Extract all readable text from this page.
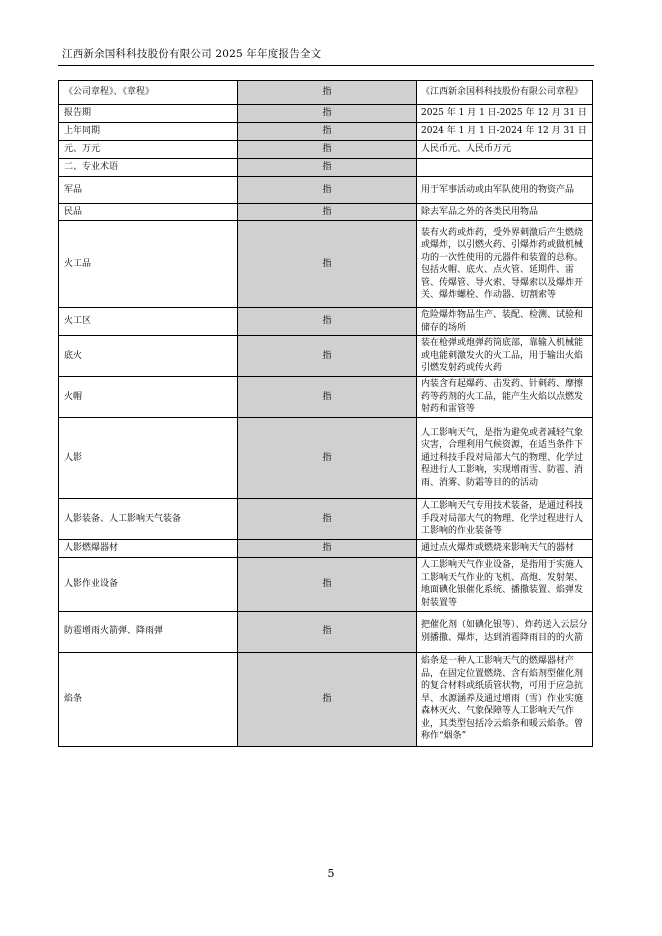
江西新余国科科技股份有限公司 2025 年年度报告全文
《公司章程》、《章程》	指	《江西新余国科科技股份有限公司章程》
报告期	指	2025 年 1 月 1 日-2025 年 12 月 31 日
上年同期	指	2024 年 1 月 1 日-2024 年 12 月 31 日
元、万元	指	人民币元、人民币万元
二、专业术语	指	
军品	指	用于军事活动或由军队使用的物资产品
民品	指	除去军品之外的各类民用物品
火工品	指	装有火药或炸药，受外界刺激后产生燃烧或爆炸，以引燃火药、引爆炸药或做机械功的一次性使用的元器件和装置的总称。包括火帽、底火、点火管、延期件、雷管、传爆管、导火索、导爆索以及爆炸开关、爆炸螺栓、作动器、切割索等
火工区	指	危险爆炸物品生产、装配、检测、试验和储存的场所
底火	指	装在枪弹或炮弹药筒底部，靠输入机械能或电能刺激发火的火工品，用于输出火焰引燃发射药或传火药
火帽	指	内装含有起爆药、击发药、针刺药、摩擦药等药剂的火工品，能产生火焰以点燃发射药和雷管等
人影	指	人工影响天气，是指为避免或者减轻气象灾害，合理利用气候资源，在适当条件下通过科技手段对局部大气的物理、化学过程进行人工影响，实现增雨雪、防雹、消雨、消雾、防霜等目的的活动
人影装备、人工影响天气装备	指	人工影响天气专用技术装备，是通过科技手段对局部大气的物理、化学过程进行人工影响的作业装备等
人影燃爆器材	指	通过点火爆炸或燃烧来影响天气的器材
人影作业设备	指	人工影响天气作业设备，是指用于实施人工影响天气作业的飞机、高炮、发射架、地面碘化银催化系统、播撒装置、焰弹发射装置等
防雹增雨火箭弹、降雨弹	指	把催化剂（如碘化银等）、炸药送入云层分别播撒、爆炸，达到消雹降雨目的的火箭
焰条	指	焰条是一种人工影响天气的燃爆器材产品，在固定位置燃烧、含有焰剂型催化剂的复合材料或纸质管状物，可用于应急抗旱、水源涵养及通过增雨（雪）作业实施森林灭火、气象保障等人工影响天气作业，其类型包括冷云焰条和暖云焰条。曾称作“烟条”
5
